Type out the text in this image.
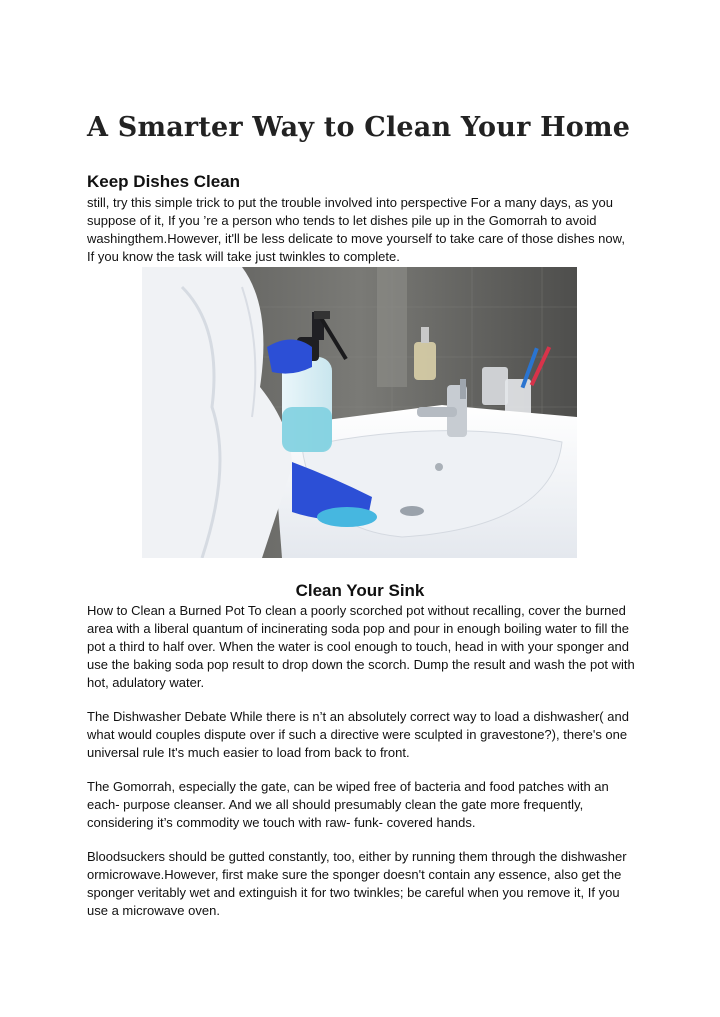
A Smarter Way to Clean Your Home
Keep Dishes Clean

still, try this simple trick to put the trouble involved into perspective For a many days, as you suppose of it, If you ’re a person who tends to let dishes pile up in the Gomorrah to avoid washingthem.However, it'll be less delicate to move yourself to take care of those dishes now, If you know the task will take just twinkles to complete.

Clean Your Sink

How to Clean a Burned Pot To clean a poorly scorched pot without recalling, cover the burned area with a liberal quantum of incinerating soda pop and pour in enough boiling water to fill the pot a third to half over. When the water is cool enough to touch, head in with your sponger and use the baking soda pop result to drop down the scorch. Dump the result and wash the pot with hot, adulatory water.

The Dishwasher Debate While there is n’t an absolutely correct way to load a dishwasher( and what would couples dispute over if such a directive were sculpted in gravestone?), there's one universal rule It's much easier to load from back to front.

The Gomorrah, especially the gate, can be wiped free of bacteria and food patches with an each- purpose cleanser. And we all should presumably clean the gate more frequently, considering it’s commodity we touch with raw- funk- covered hands.

Bloodsuckers should be gutted constantly, too, either by running them through the dishwasher ormicrowave.However, first make sure the sponger doesn't contain any essence, also get the sponger veritably wet and extinguish it for two twinkles; be careful when you remove it, If you use a microwave oven.
